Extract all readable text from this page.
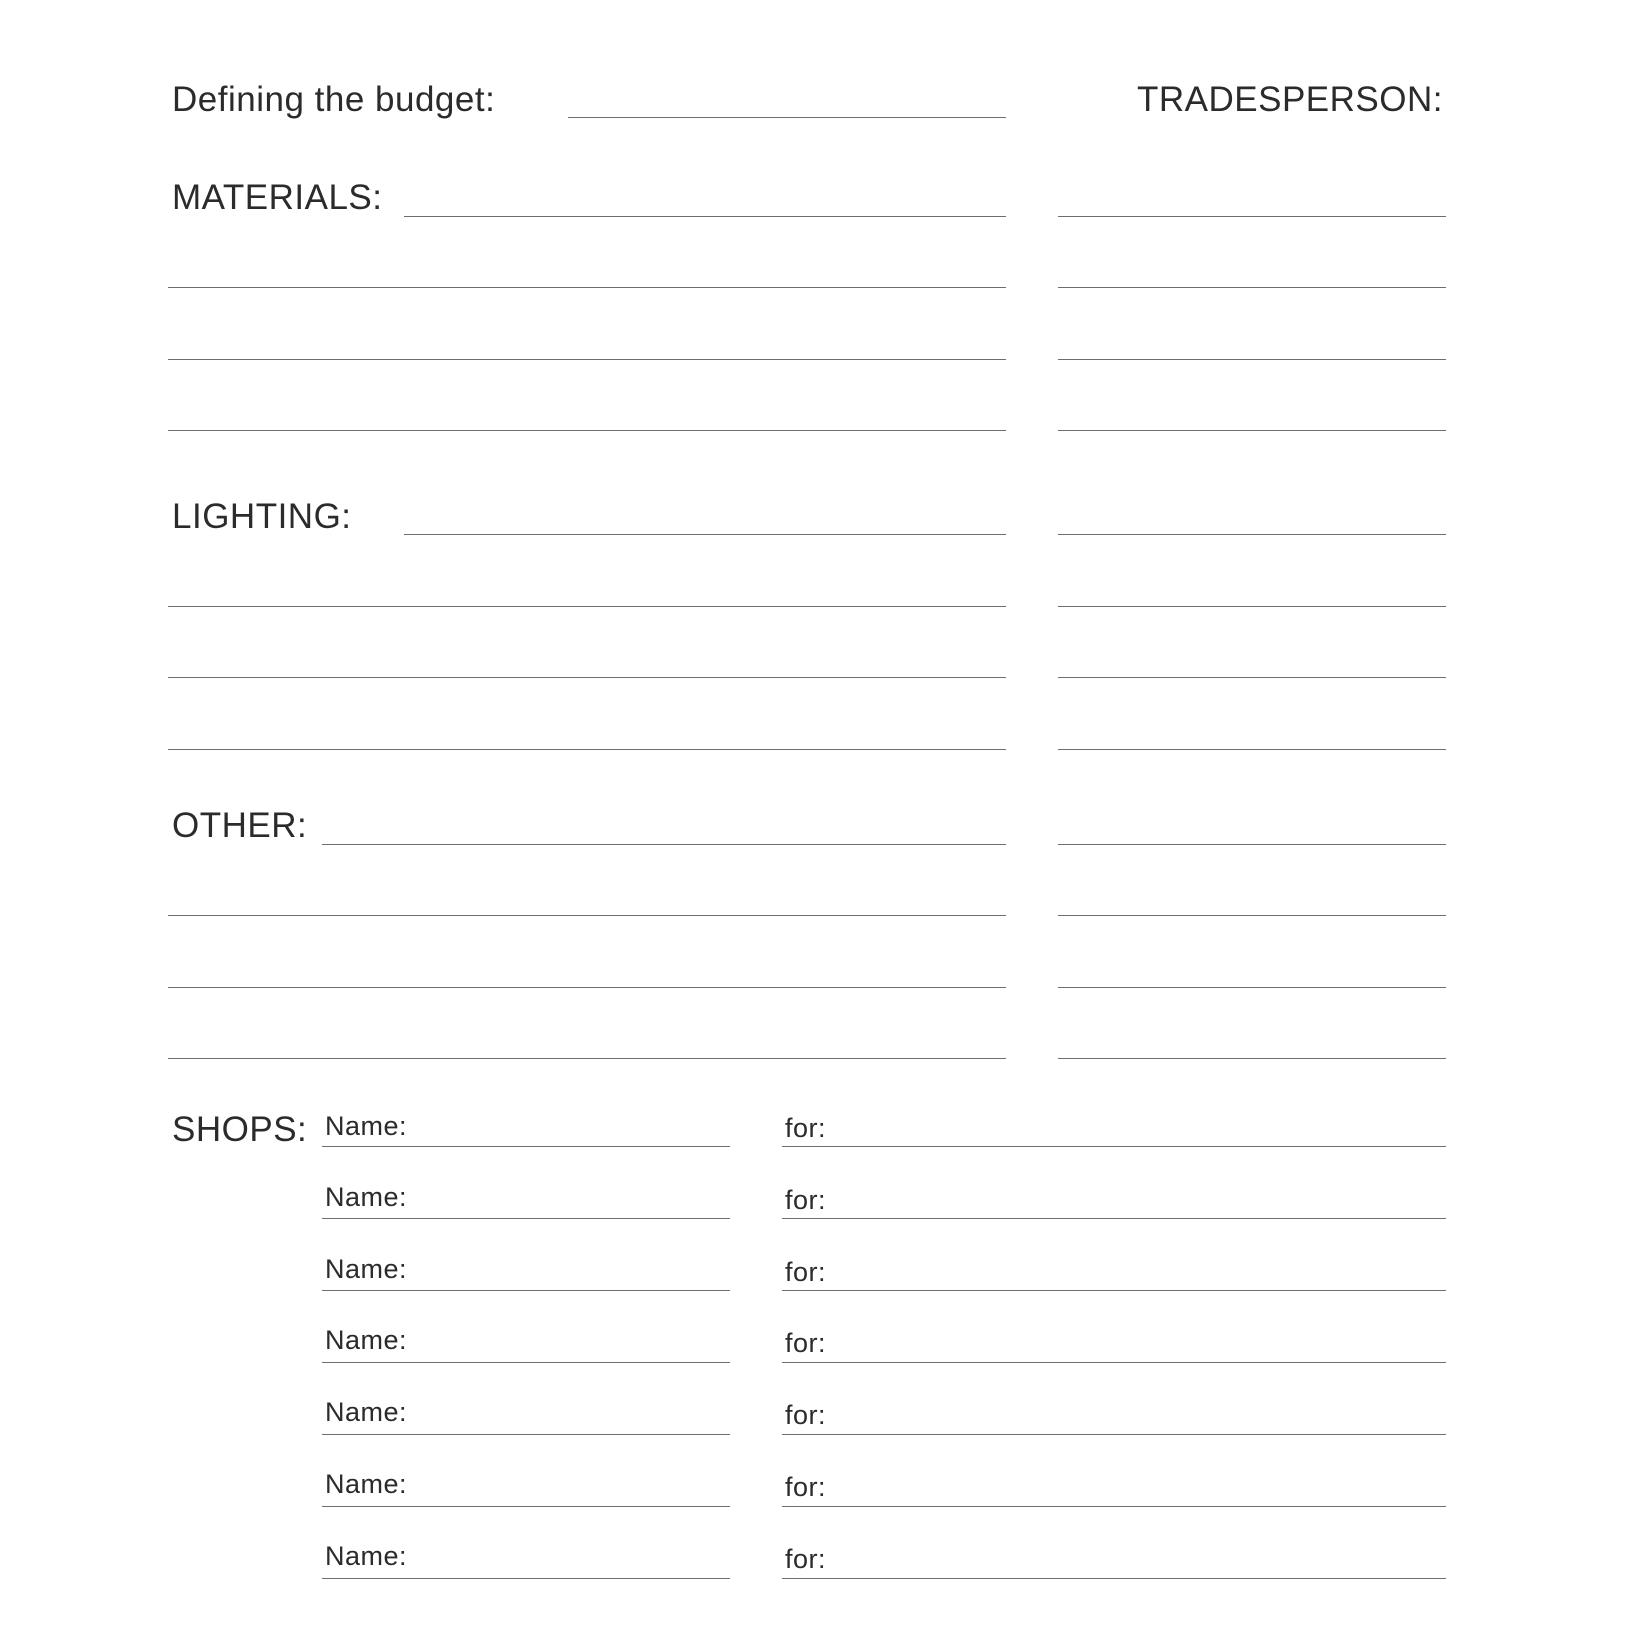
Defining the budget:	TRADESPERSON:
MATERIALS:
LIGHTING:
OTHER:
SHOPS: Name:	for:
Name:	for:
Name:	for:
Name:	for:
Name:	for:
Name:	for:
Name:	for:
